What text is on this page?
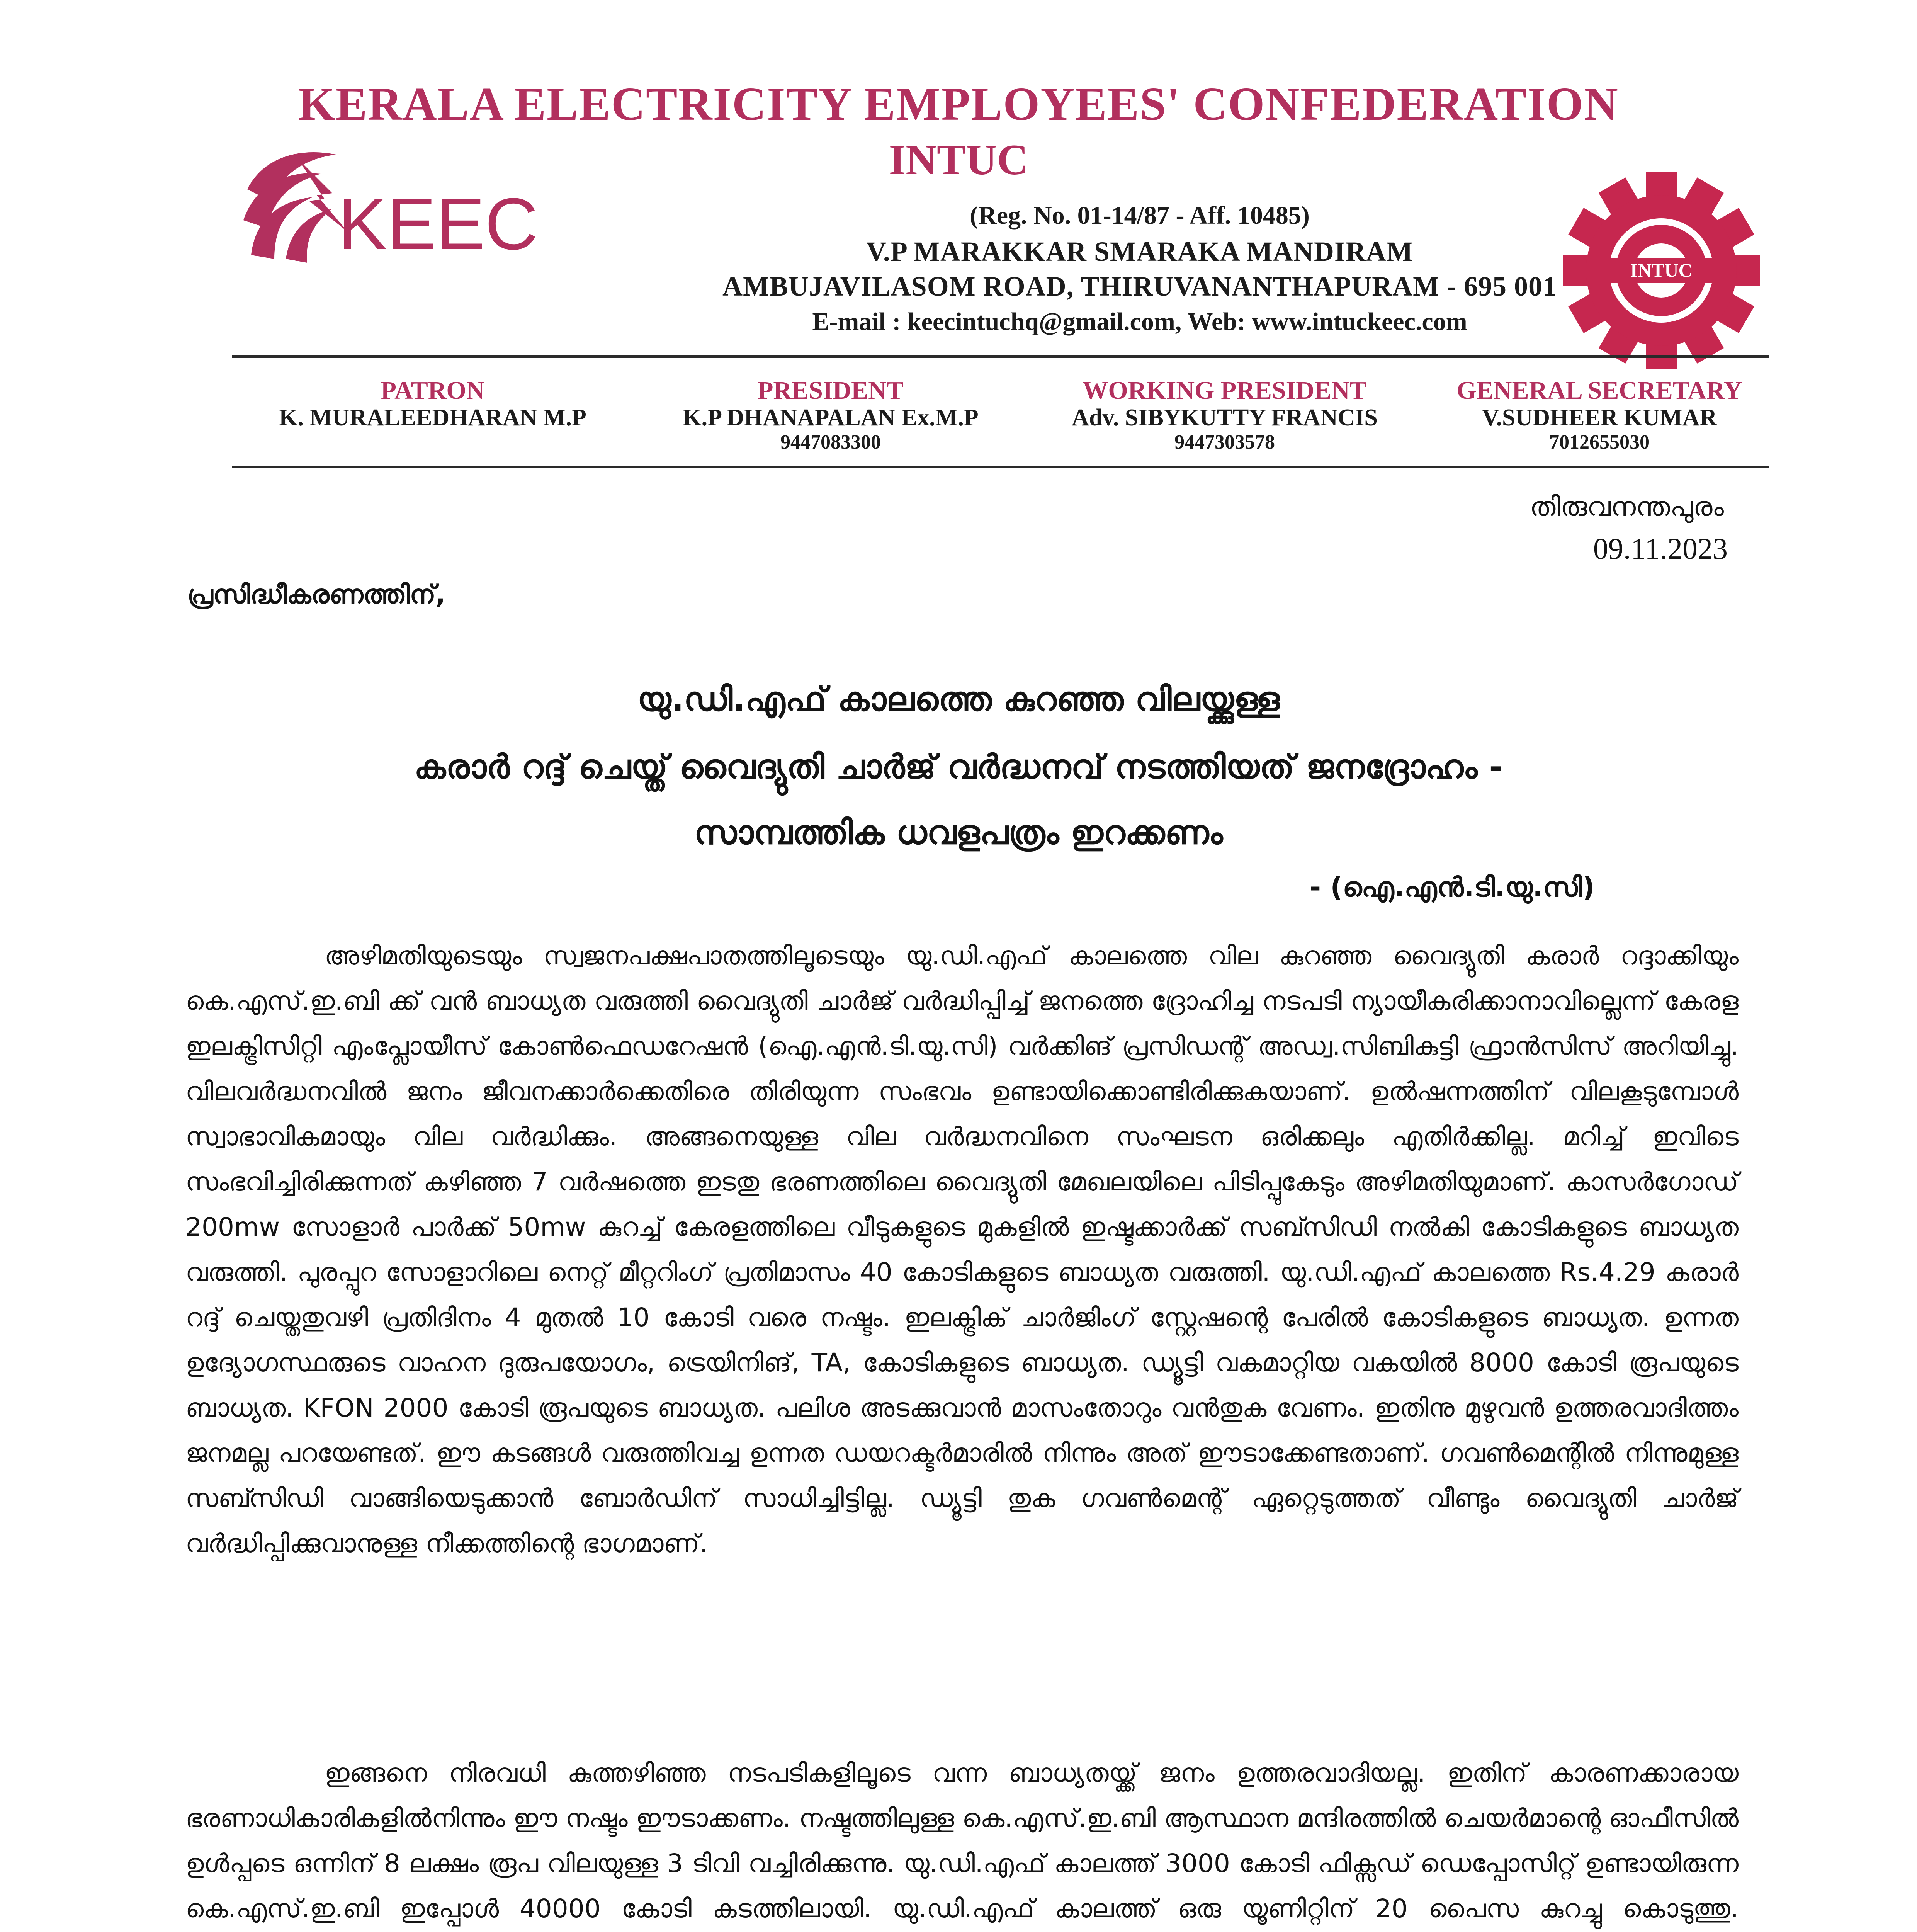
KERALA ELECTRICITY EMPLOYEES' CONFEDERATION
INTUC
KEEC
INTUC
(Reg. No. 01-14/87 - Aff. 10485)
V.P MARAKKAR SMARAKA MANDIRAM
AMBUJAVILASOM ROAD, THIRUVANANTHAPURAM - 695 001
E-mail : keecintuchq@gmail.com, Web: www.intuckeec.com
PATRON
K. MURALEEDHARAN M.P
PRESIDENT
K.P DHANAPALAN Ex.M.P
9447083300
WORKING PRESIDENT
Adv. SIBYKUTTY FRANCIS
9447303578
GENERAL SECRETARY
V.SUDHEER KUMAR
7012655030
തിരുവനന്തപുരം
09.11.2023
പ്രസിദ്ധീകരണത്തിന്,
യു.ഡി.എഫ് കാലത്തെ കുറഞ്ഞ വിലയ്ക്കുള്ള
കരാർ റദ്ദ് ചെയ്ത് വൈദ്യുതി ചാർജ് വർദ്ധനവ് നടത്തിയത് ജനദ്രോഹം -
സാമ്പത്തിക ധവളപത്രം ഇറക്കണം
- (ഐ.എൻ.ടി.യു.സി)

അഴിമതിയുടെയും സ്വജനപക്ഷപാതത്തിലൂടെയും യു.ഡി.എഫ് കാലത്തെ വില കുറഞ്ഞ വൈദ്യുതി കരാർ റദ്ദാക്കിയും കെ.എസ്.ഇ.ബി ക്ക് വൻ ബാധ്യത വരുത്തി വൈദ്യുതി ചാർജ് വർദ്ധിപ്പിച്ച് ജനത്തെ ദ്രോഹിച്ച നടപടി ന്യായീകരിക്കാനാവില്ലെന്ന് കേരള ഇലക്ട്രിസിറ്റി എംപ്ലോയീസ് കോൺഫെഡറേഷൻ (ഐ.എൻ.ടി.യു.സി) വർക്കിങ് പ്രസിഡന്റ് അഡ്വ.സിബികുട്ടി ഫ്രാൻസിസ് അറിയിച്ചു. വിലവർദ്ധനവിൽ ജനം ജീവനക്കാർക്കെതിരെ തിരിയുന്ന സംഭവം ഉണ്ടായിക്കൊണ്ടിരിക്കുകയാണ്. ഉൽഷന്നത്തിന് വിലകൂടുമ്പോൾ സ്വാഭാവികമായും വില വർദ്ധിക്കും. അങ്ങനെയുള്ള വില വർദ്ധനവിനെ സംഘടന ഒരിക്കലും എതിർക്കില്ല. മറിച്ച് ഇവിടെ സംഭവിച്ചിരിക്കുന്നത് കഴിഞ്ഞ 7 വർഷത്തെ ഇടതു ഭരണത്തിലെ വൈദ്യുതി മേഖലയിലെ പിടിപ്പുകേടും അഴിമതിയുമാണ്. കാസർഗോഡ് 200mw സോളാർ പാർക്ക് 50mw കുറച്ച് കേരളത്തിലെ വീടുകളുടെ മുകളിൽ ഇഷ്ടക്കാർക്ക് സബ്സിഡി നൽകി കോടികളുടെ ബാധ്യത വരുത്തി. പുരപ്പുറ സോളാറിലെ നെറ്റ് മീറ്ററിംഗ് പ്രതിമാസം 40 കോടികളുടെ ബാധ്യത വരുത്തി. യു.ഡി.എഫ് കാലത്തെ Rs.4.29 കരാർ റദ്ദ് ചെയ്തതുവഴി പ്രതിദിനം 4 മുതൽ 10 കോടി വരെ നഷ്ടം. ഇലക്ട്രിക് ചാർജിംഗ് സ്റ്റേഷന്റെ പേരിൽ കോടികളുടെ ബാധ്യത. ഉന്നത ഉദ്യോഗസ്ഥരുടെ വാഹന ദുരുപയോഗം, ട്രെയിനിങ്, TA, കോടികളുടെ ബാധ്യത. ഡ്യൂട്ടി വകമാറ്റിയ വകയിൽ 8000 കോടി രൂപയുടെ ബാധ്യത. KFON 2000 കോടി രൂപയുടെ ബാധ്യത. പലിശ അടക്കുവാൻ മാസംതോറും വൻതുക വേണം. ഇതിനു മുഴുവൻ ഉത്തരവാദിത്തം ജനമല്ല പറയേണ്ടത്. ഈ കടങ്ങൾ വരുത്തിവച്ച ഉന്നത ഡയറക്ടർമാരിൽ നിന്നും അത് ഈടാക്കേണ്ടതാണ്. ഗവൺമെന്റിൽ നിന്നുമുള്ള സബ്സിഡി വാങ്ങിയെടുക്കാൻ ബോർഡിന് സാധിച്ചിട്ടില്ല. ഡ്യൂട്ടി തുക ഗവൺമെന്റ് ഏറ്റെടുത്തത് വീണ്ടും വൈദ്യുതി ചാർജ് വർദ്ധിപ്പിക്കുവാനുള്ള നീക്കത്തിന്റെ ഭാഗമാണ്.

ഇങ്ങനെ നിരവധി കുത്തഴിഞ്ഞ നടപടികളിലൂടെ വന്ന ബാധ്യതയ്ക്ക് ജനം ഉത്തരവാദിയല്ല. ഇതിന് കാരണക്കാരായ ഭരണാധികാരികളിൽനിന്നും ഈ നഷ്ടം ഈടാക്കണം. നഷ്ടത്തിലുള്ള കെ.എസ്.ഇ.ബി ആസ്ഥാന മന്ദിരത്തിൽ ചെയർമാന്റെ ഓഫീസിൽ ഉൾപ്പടെ ഒന്നിന് 8 ലക്ഷം രൂപ വിലയുള്ള 3 ടിവി വച്ചിരിക്കുന്നു. യു.ഡി.എഫ് കാലത്ത് 3000 കോടി ഫിക്സഡ് ഡെപ്പോസിറ്റ് ഉണ്ടായിരുന്ന കെ.എസ്.ഇ.ബി ഇപ്പോൾ 40000 കോടി കടത്തിലായി. യു.ഡി.എഫ് കാലത്ത് ഒരു യൂണിറ്റിന് 20 പൈസ കുറച്ചു കൊടുത്തു.
